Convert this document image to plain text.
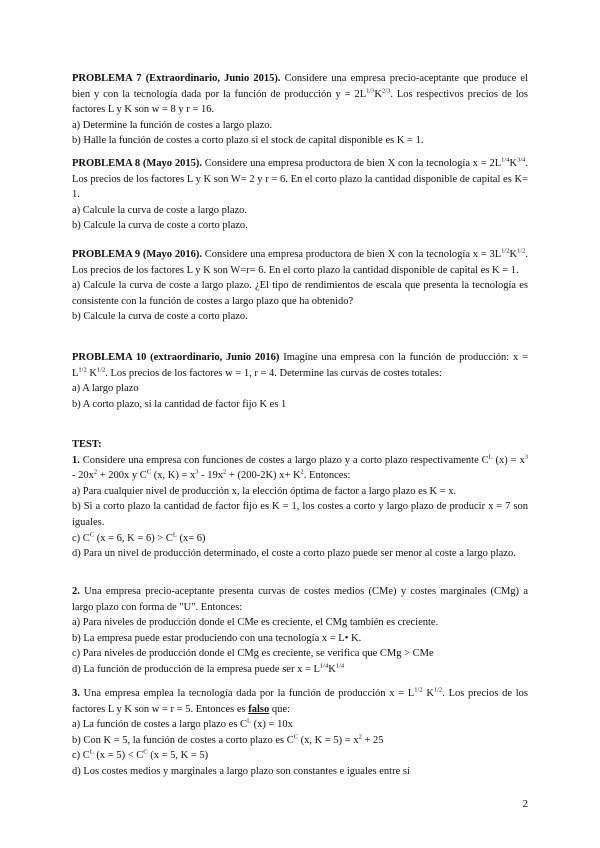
PROBLEMA 7 (Extraordinario, Junio 2015). Considere una empresa precio-aceptante que produce el bien y con la tecnología dada por la función de producción $y = 2L^{1/3}K^{2/3}$. Los respectivos precios de los factores L y K son w = 8 y r = 16.

a) Determine la función de costes a largo plazo.

b) Halle la función de costes a corto plazo si el stock de capital disponible es K = 1.

PROBLEMA 8 (Mayo 2015). Considere una empresa productora de bien X con la tecnología $x = 2L^{1/4}K^{3/4}$. Los precios de los factores L y K son W= 2 y r = 6. En el corto plazo la cantidad disponible de capital es K= 1.

a) Calcule la curva de coste a largo plazo.

b) Calcule la curva de coste a corto plazo.

PROBLEMA 9 (Mayo 2016). Considere una empresa productora de bien X con la tecnología $x = 3L^{1/2}K^{1/2}$. Los precios de los factores L y K son W=r= 6. En el corto plazo la cantidad disponible de capital es K = 1.

a) Calcule la curva de coste a largo plazo. ¿El tipo de rendimientos de escala que presenta la tecnología es consistente con la función de costes a largo plazo que ha obtenido?

b) Calcule la curva de coste a corto plazo.

PROBLEMA 10 (extraordinario, Junio 2016) Imagine una empresa con la función de producción: $x = L^{1/2}$ $K^{1/2}$. Los precios de los factores w = 1, r = 4. Determine las curvas de costes totales:

a) A largo plazo

b) A corto plazo, si la cantidad de factor fijo K es 1

TEST:

1. Considere una empresa con funciones de costes a largo plazo y a corto plazo respectivamente $C^L$ $(x) = x^3 - 20x^2 + 200x$ y $C^C$ (x, $K) = x^3 - 19x^2 + (200-2K)$ $x+ K^2$. Entonces:

a) Para cualquier nivel de producción x, la elección óptima de factor a largo plazo es K = x.

b) Si a corto plazo la cantidad de factor fijo es K = 1, los costes a corto y largo plazo de producir x = 7 son iguales.

c) $C^C$ (x = 6, $K = 6) > C^L$ (x= 6)

d) Para un nivel de producción determinado, el coste a corto plazo puede ser menor al coste a largo plazo.

2. Una empresa precio-aceptante presenta curvas de costes medios (CMe) y costes marginales (CMg) a largo plazo con forma de "U". Entonces:

a) Para niveles de producción donde el CMe es creciente, el CMg también es creciente.

b) La empresa puede estar produciendo con una tecnología x = L• K.

c) Para niveles de producción donde el CMg es creciente, se verifica que CMg > CMe

d) La función de producción de la empresa puede ser $x = L^{1/4}K^{1/4}$

3. Una empresa emplea la tecnología dada por la función de producción $x = L^{1/2}$ $K^{1/2}$. Los precios de los factores L y K son w = r = 5. Entonces es falso que:

a) La función de costes a largo plazo es $C^L$ (x) = 10x

b) Con K = 5, la función de costes a corto plazo es $C^C$ (x, $K = 5) = x^2 + 25$

c) $C^L$ $(x = 5) < C^C$ (x = 5, K = 5)

d) Los costes medios y marginales a largo plazo son constantes e iguales entre sí

2
